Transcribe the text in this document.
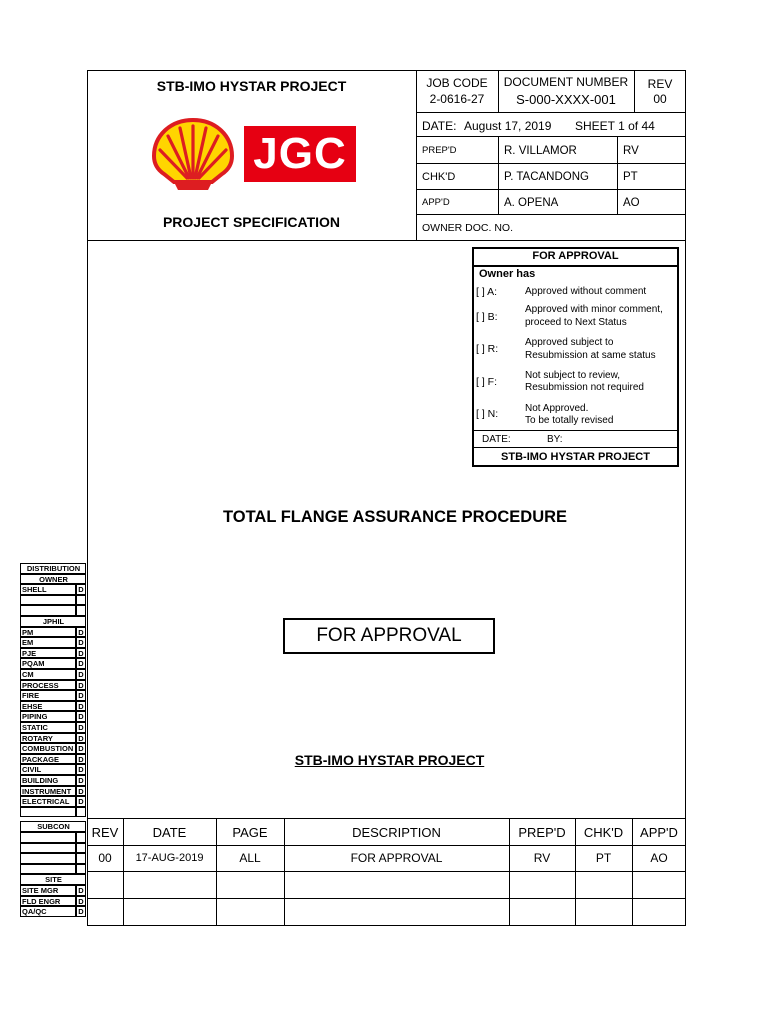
STB-IMO HYSTAR PROJECT
JGC
PROJECT SPECIFICATION
JOB CODE
2-0616-27
DOCUMENT NUMBER
S-000-XXXX-001
REV
00
DATE: August 17, 2019 SHEET 1 of 44
PREP'D	R. VILLAMOR	RV
CHK'D	P. TACANDONG	PT
APP'D	A. OPENA	AO
OWNER DOC. NO.
FOR APPROVAL
Owner has
[ ] A:	Approved without comment
[ ] B:
Approved with minor comment,
proceed to Next Status
[ ] R:
Approved subject to
Resubmission at same status
[ ] F:
Not subject to review,
Resubmission not required
[ ] N:	Not Approved.
To be totally revised
DATE:	BY:
STB-IMO HYSTAR PROJECT
TOTAL FLANGE ASSURANCE PROCEDURE
FOR APPROVAL
STB-IMO HYSTAR PROJECT
REV	DATE	PAGE	DESCRIPTION	PREP'D	CHK'D	APP'D
00	17-AUG-2019	ALL	FOR APPROVAL	RV	PT	AO
DISTRIBUTION
OWNER
SHELL	D
JPHIL
PM	D
EM	D
PJE	D
PQAM	D
CM	D
PROCESS	D
FIRE	D
EHSE	D
PIPING	D
STATIC	D
ROTARY	D
COMBUSTION D
PACKAGE	D
CIVIL	D
BUILDING	D
INSTRUMENT D
ELECTRICAL	D
SUBCON
SITE
SITE MGR	D
FLD ENGR	D
QA/QC	D
